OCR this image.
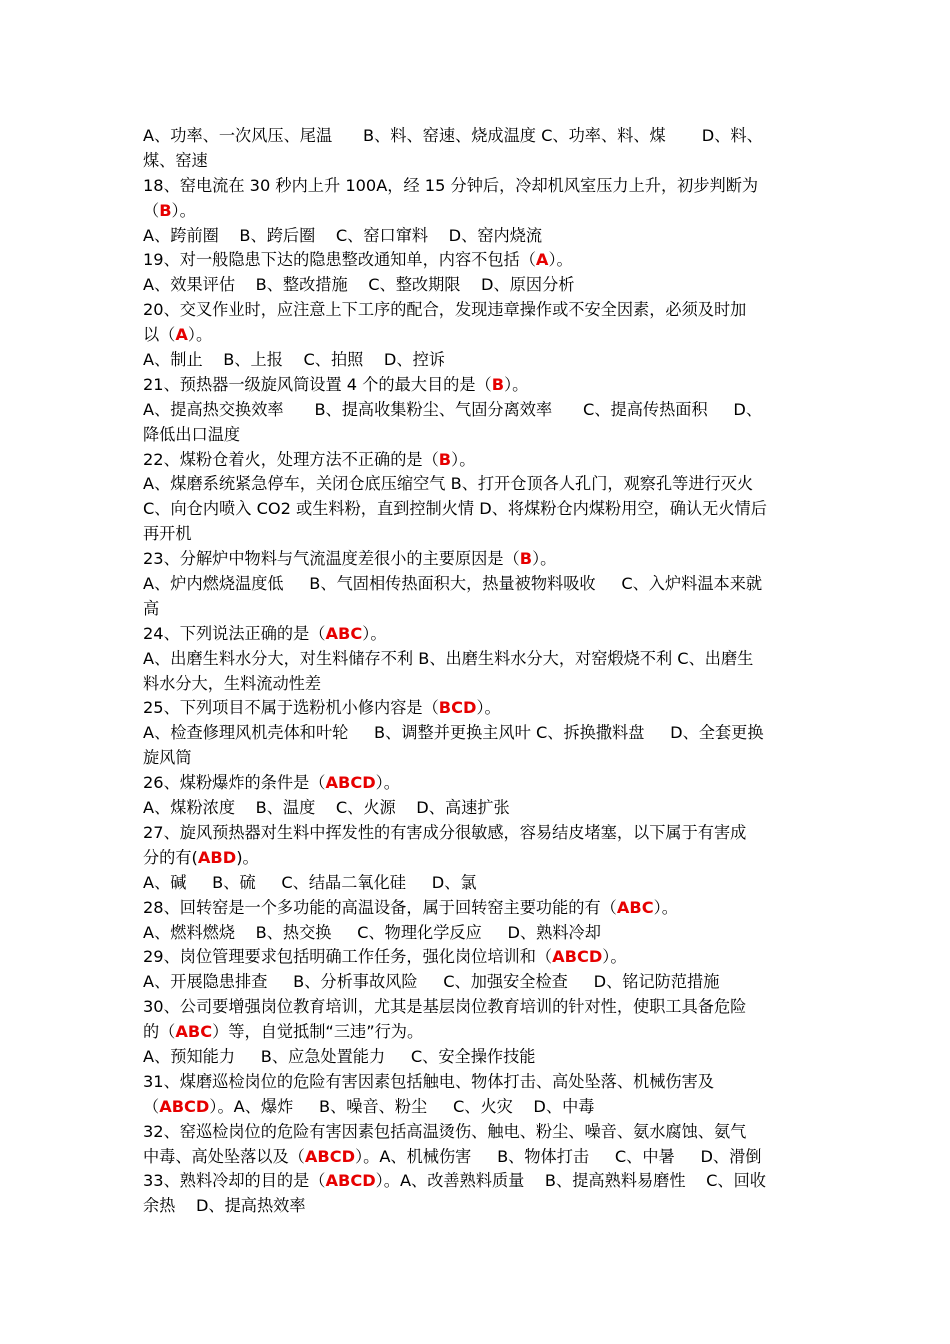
A、功率、一次风压、尾温      B、料、窑速、烧成温度 C、功率、料、煤       D、料、
煤、窑速
18、窑电流在 30 秒内上升 100A，经 15 分钟后，冷却机风室压力上升，初步判断为
（B）。
A、跨前圈    B、跨后圈    C、窑口窜料    D、窑内烧流
19、对一般隐患下达的隐患整改通知单，内容不包括（A）。
A、效果评估    B、整改措施    C、整改期限    D、原因分析
20、交叉作业时，应注意上下工序的配合，发现违章操作或不安全因素，必须及时加
以（A）。
A、制止    B、上报    C、拍照    D、控诉
21、预热器一级旋风筒设置 4 个的最大目的是（B）。
A、提高热交换效率      B、提高收集粉尘、气固分离效率      C、提高传热面积     D、
降低出口温度
22、煤粉仓着火，处理方法不正确的是（B）。
A、煤磨系统紧急停车，关闭仓底压缩空气 B、打开仓顶各人孔门，观察孔等进行灭火
C、向仓内喷入 CO2 或生料粉，直到控制火情 D、将煤粉仓内煤粉用空，确认无火情后
再开机
23、分解炉中物料与气流温度差很小的主要原因是（B）。
A、炉内燃烧温度低     B、气固相传热面积大，热量被物料吸收     C、入炉料温本来就
高
24、下列说法正确的是（ABC）。
A、出磨生料水分大，对生料储存不利 B、出磨生料水分大，对窑煅烧不利 C、出磨生
料水分大，生料流动性差
25、下列项目不属于选粉机小修内容是（BCD）。
A、检查修理风机壳体和叶轮     B、调整并更换主风叶 C、拆换撒料盘     D、全套更换
旋风筒
26、煤粉爆炸的条件是（ABCD）。
A、煤粉浓度    B、温度    C、火源    D、高速扩张
27、旋风预热器对生料中挥发性的有害成分很敏感，容易结皮堵塞，以下属于有害成
分的有(ABD)。
A、碱     B、硫     C、结晶二氧化硅     D、氯
28、回转窑是一个多功能的高温设备，属于回转窑主要功能的有（ABC）。
A、燃料燃烧    B、热交换     C、物理化学反应     D、熟料冷却
29、岗位管理要求包括明确工作任务，强化岗位培训和（ABCD）。
A、开展隐患排查     B、分析事故风险     C、加强安全检查     D、铭记防范措施
30、公司要增强岗位教育培训，尤其是基层岗位教育培训的针对性，使职工具备危险
的（ABC）等，自觉抵制“三违”行为。
A、预知能力     B、应急处置能力     C、安全操作技能
31、煤磨巡检岗位的危险有害因素包括触电、物体打击、高处坠落、机械伤害及
（ABCD）。A、爆炸     B、噪音、粉尘     C、火灾    D、中毒
32、窑巡检岗位的危险有害因素包括高温烫伤、触电、粉尘、噪音、氨水腐蚀、氨气
中毒、高处坠落以及（ABCD）。A、机械伤害     B、物体打击     C、中暑     D、滑倒
33、熟料冷却的目的是（ABCD）。A、改善熟料质量    B、提高熟料易磨性    C、回收
余热    D、提高热效率
